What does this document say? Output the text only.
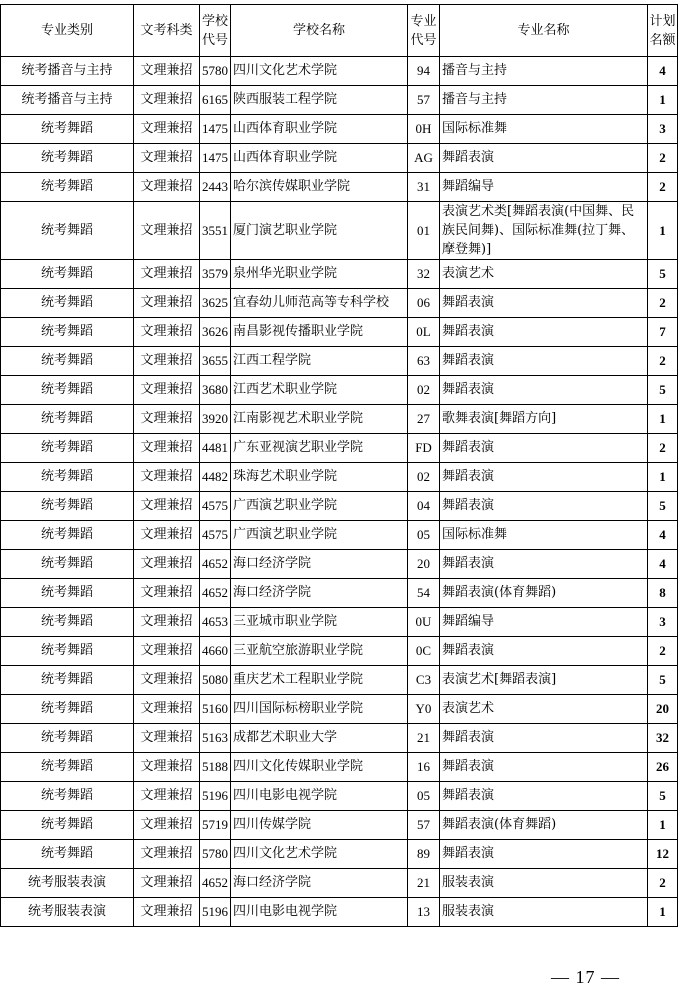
专业类别	文考科类	学校代号	学校名称	专业代号	专业名称	计划名额
统考播音与主持	文理兼招	5780	四川文化艺术学院	94	播音与主持	4
统考播音与主持	文理兼招	6165	陕西服装工程学院	57	播音与主持	1
统考舞蹈	文理兼招	1475	山西体育职业学院	0H	国际标准舞	3
统考舞蹈	文理兼招	1475	山西体育职业学院	AG	舞蹈表演	2
统考舞蹈	文理兼招	2443	哈尔滨传媒职业学院	31	舞蹈编导	2
统考舞蹈	文理兼招	3551	厦门演艺职业学院	01	表演艺术类[舞蹈表演(中国舞、民族民间舞)、国际标准舞(拉丁舞、摩登舞)]	1
统考舞蹈	文理兼招	3579	泉州华光职业学院	32	表演艺术	5
统考舞蹈	文理兼招	3625	宜春幼儿师范高等专科学校	06	舞蹈表演	2
统考舞蹈	文理兼招	3626	南昌影视传播职业学院	0L	舞蹈表演	7
统考舞蹈	文理兼招	3655	江西工程学院	63	舞蹈表演	2
统考舞蹈	文理兼招	3680	江西艺术职业学院	02	舞蹈表演	5
统考舞蹈	文理兼招	3920	江南影视艺术职业学院	27	歌舞表演[舞蹈方向]	1
统考舞蹈	文理兼招	4481	广东亚视演艺职业学院	FD	舞蹈表演	2
统考舞蹈	文理兼招	4482	珠海艺术职业学院	02	舞蹈表演	1
统考舞蹈	文理兼招	4575	广西演艺职业学院	04	舞蹈表演	5
统考舞蹈	文理兼招	4575	广西演艺职业学院	05	国际标准舞	4
统考舞蹈	文理兼招	4652	海口经济学院	20	舞蹈表演	4
统考舞蹈	文理兼招	4652	海口经济学院	54	舞蹈表演(体育舞蹈)	8
统考舞蹈	文理兼招	4653	三亚城市职业学院	0U	舞蹈编导	3
统考舞蹈	文理兼招	4660	三亚航空旅游职业学院	0C	舞蹈表演	2
统考舞蹈	文理兼招	5080	重庆艺术工程职业学院	C3	表演艺术[舞蹈表演]	5
统考舞蹈	文理兼招	5160	四川国际标榜职业学院	Y0	表演艺术	20
统考舞蹈	文理兼招	5163	成都艺术职业大学	21	舞蹈表演	32
统考舞蹈	文理兼招	5188	四川文化传媒职业学院	16	舞蹈表演	26
统考舞蹈	文理兼招	5196	四川电影电视学院	05	舞蹈表演	5
统考舞蹈	文理兼招	5719	四川传媒学院	57	舞蹈表演(体育舞蹈)	1
统考舞蹈	文理兼招	5780	四川文化艺术学院	89	舞蹈表演	12
统考服装表演	文理兼招	4652	海口经济学院	21	服装表演	2
统考服装表演	文理兼招	5196	四川电影电视学院	13	服装表演	1
— 17 —
